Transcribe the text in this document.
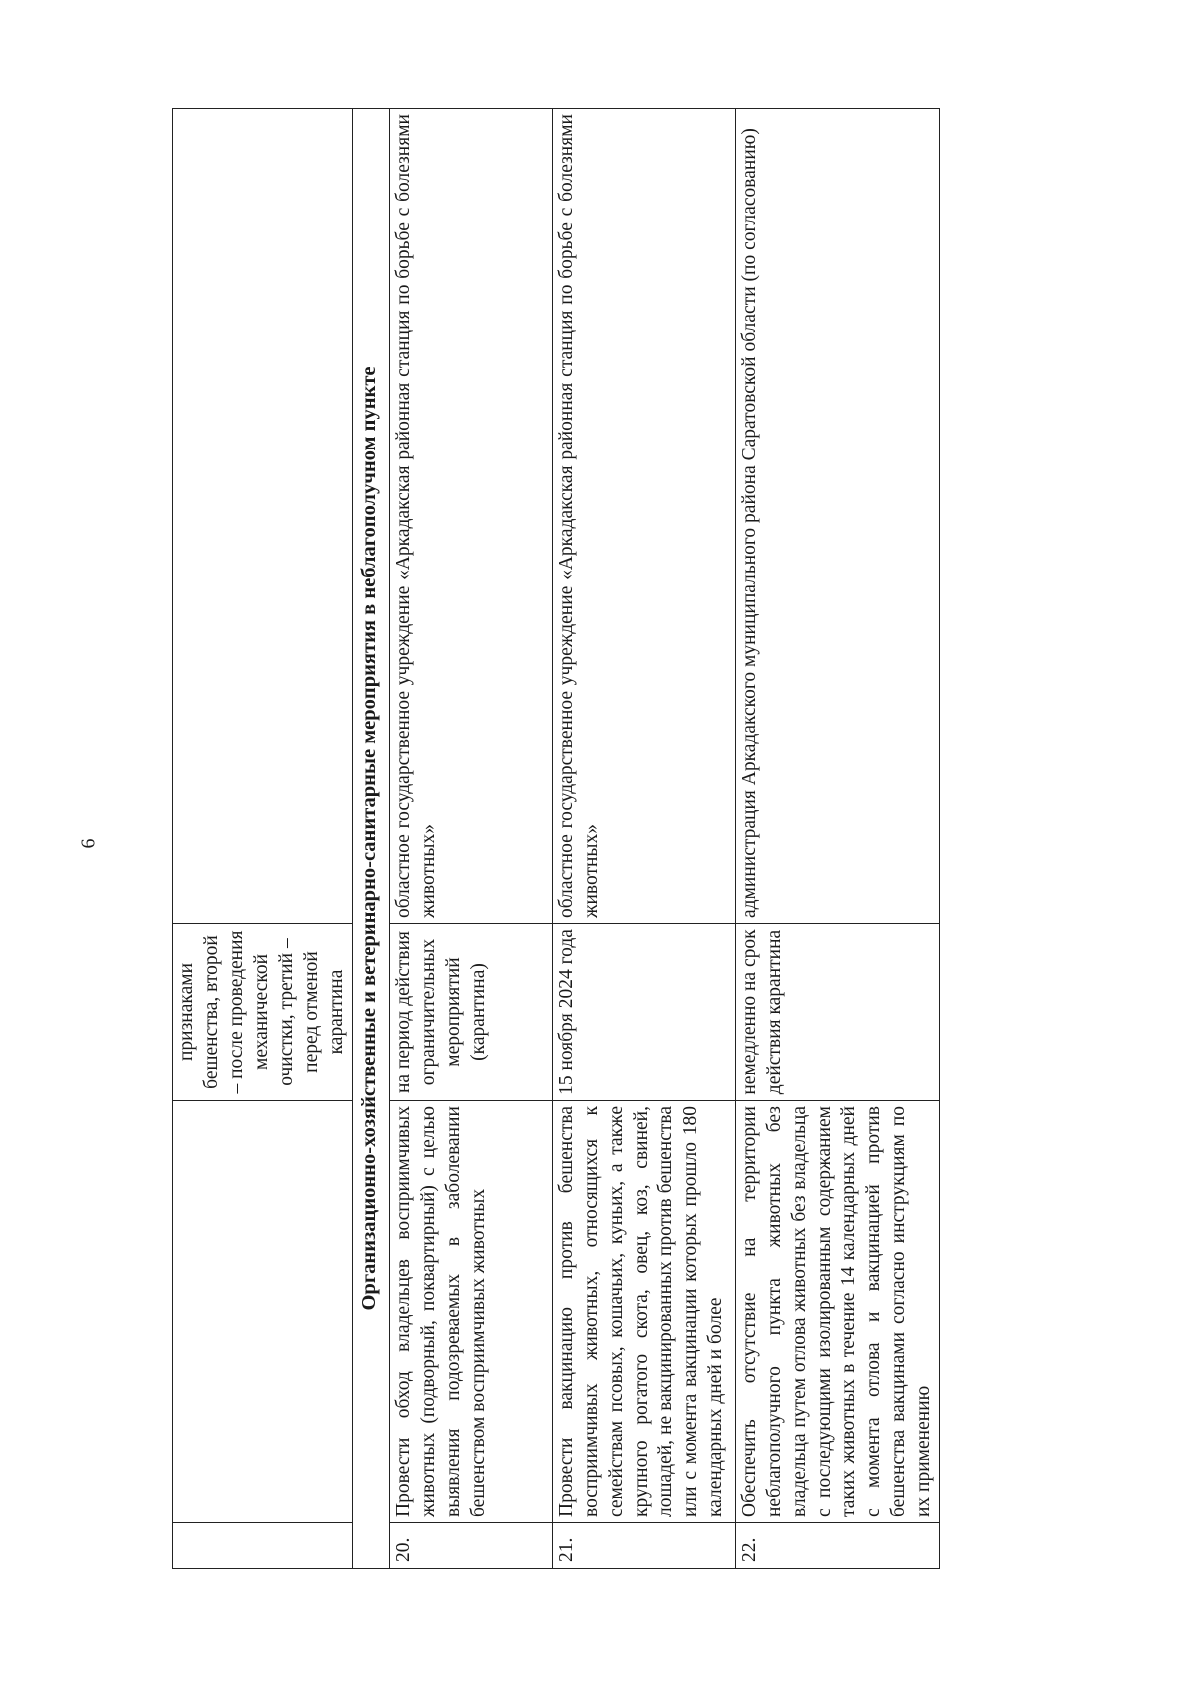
6
		признаками бешенства, второй – после проведения механической очистки, третий – перед отменой карантина	
Организационно-хозяйственные и ветеринарно-санитарные мероприятия в неблагополучном пункте			
20.	Провести обход владельцев восприимчивых животных (подворный, поквартирный) с целью выявления подозреваемых в заболевании бешенством восприимчивых животных	на период действия ограничительных мероприятий (карантина)	областное государственное учреждение «Аркадакская районная станция по борьбе с болезнями животных»
21.	Провести вакцинацию против бешенства восприимчивых животных, относящихся к семействам псовых, кошачьих, куньих, а также крупного рогатого скота, овец, коз, свиней, лошадей, не вакцинированных против бешенства или с момента вакцинации которых прошло 180 календарных дней и более	15 ноября 2024 года	областное государственное учреждение «Аркадакская районная станция по борьбе с болезнями животных»
22.	Обеспечить отсутствие на территории неблагополучного пункта животных без владельца путем отлова животных без владельца с последующими изолированным содержанием таких животных в течение 14 календарных дней с момента отлова и вакцинацией против бешенства вакцинами согласно инструкциям по их применению	немедленно на срок действия карантина	администрация Аркадакского муниципального района Саратовской области (по согласованию)
